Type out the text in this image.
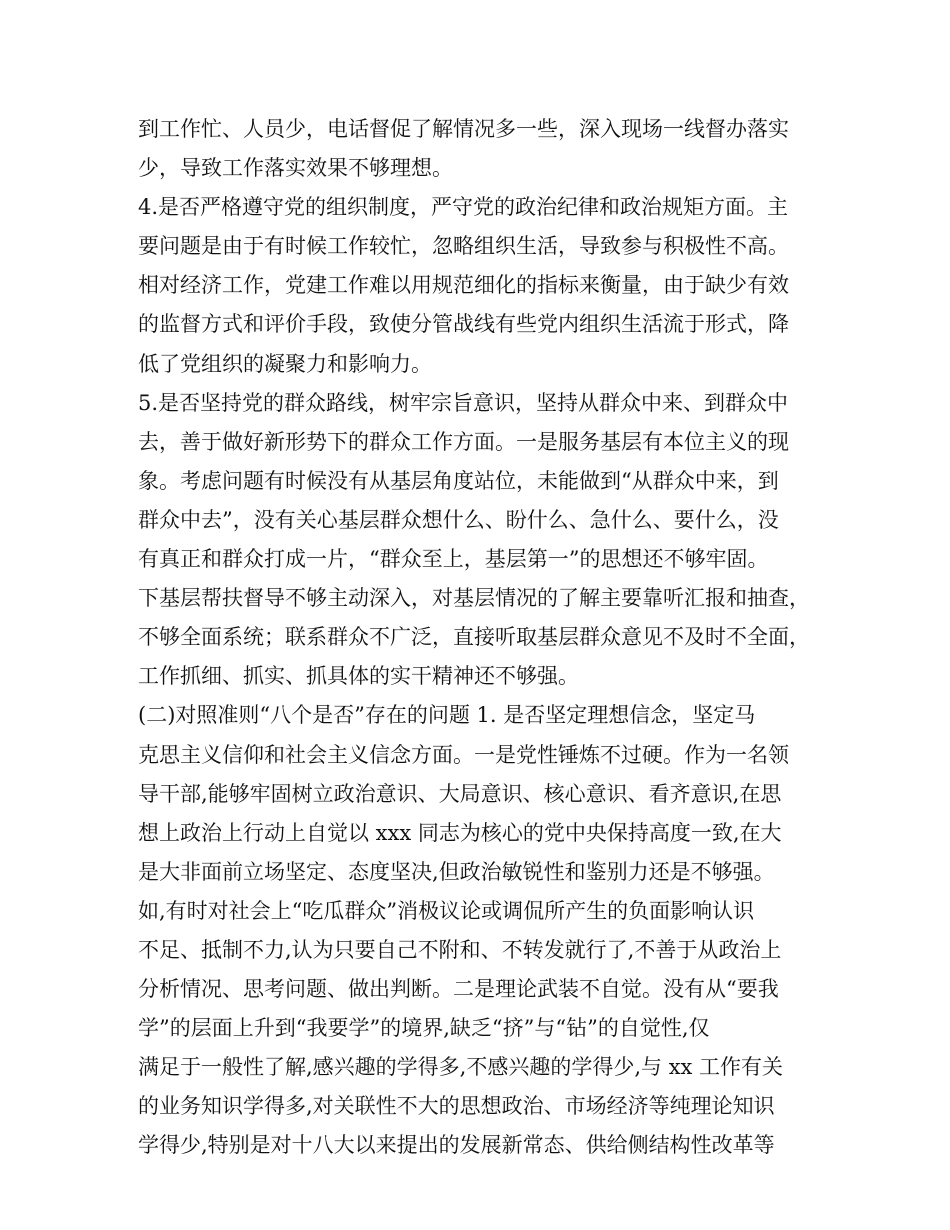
到工作忙、人员少，电话督促了解情况多一些，深入现场一线督办落实
少，导致工作落实效果不够理想。
4.是否严格遵守党的组织制度，严守党的政治纪律和政治规矩方面。主
要问题是由于有时候工作较忙，忽略组织生活，导致参与积极性不高。
相对经济工作，党建工作难以用规范细化的指标来衡量，由于缺少有效
的监督方式和评价手段，致使分管战线有些党内组织生活流于形式，降
低了党组织的凝聚力和影响力。
5.是否坚持党的群众路线，树牢宗旨意识，坚持从群众中来、到群众中
去，善于做好新形势下的群众工作方面。一是服务基层有本位主义的现
象。考虑问题有时候没有从基层角度站位，未能做到“从群众中来，到
群众中去”，没有关心基层群众想什么、盼什么、急什么、要什么，没
有真正和群众打成一片，“群众至上，基层第一”的思想还不够牢固。
下基层帮扶督导不够主动深入，对基层情况的了解主要靠听汇报和抽查，
不够全面系统；联系群众不广泛，直接听取基层群众意见不及时不全面，
工作抓细、抓实、抓具体的实干精神还不够强。
(二)对照准则“八个是否”存在的问题 1. 是否坚定理想信念，坚定马
克思主义信仰和社会主义信念方面。一是党性锤炼不过硬。作为一名领
导干部,能够牢固树立政治意识、大局意识、核心意识、看齐意识,在思
想上政治上行动上自觉以 xxx 同志为核心的党中央保持高度一致,在大
是大非面前立场坚定、态度坚决,但政治敏锐性和鉴别力还是不够强。
如,有时对社会上“吃瓜群众”消极议论或调侃所产生的负面影响认识
不足、抵制不力,认为只要自己不附和、不转发就行了,不善于从政治上
分析情况、思考问题、做出判断。二是理论武装不自觉。没有从“要我
学”的层面上升到“我要学”的境界,缺乏“挤”与“钻”的自觉性,仅
满足于一般性了解,感兴趣的学得多,不感兴趣的学得少,与 xx 工作有关
的业务知识学得多,对关联性不大的思想政治、市场经济等纯理论知识
学得少,特别是对十八大以来提出的发展新常态、供给侧结构性改革等
